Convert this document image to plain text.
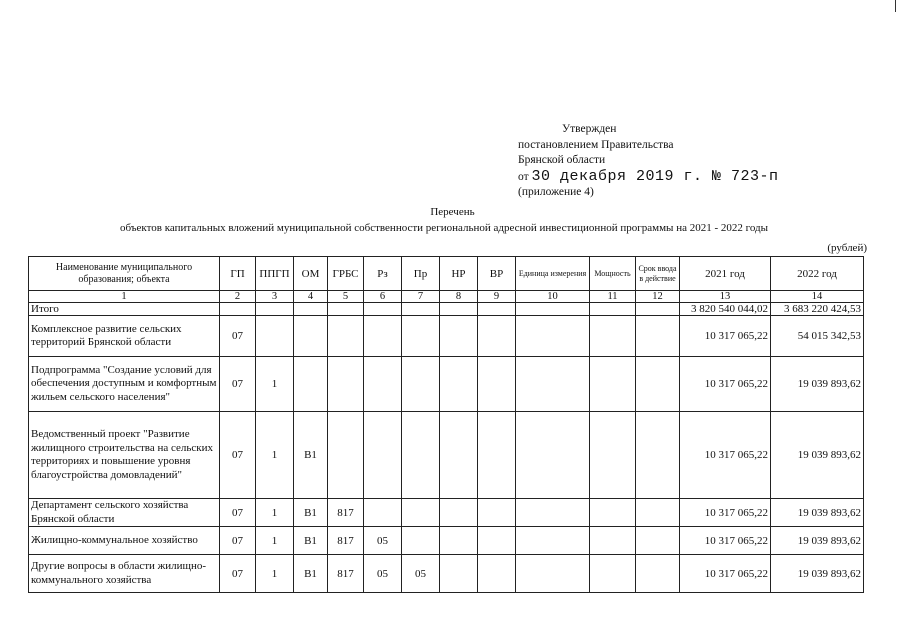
Утвержден
постановлением Правительства
Брянской области
от 30 декабря 2019 г. № 723-п
(приложение 4)
Перечень
объектов капитальных вложений муниципальной собственности региональной адресной инвестиционной программы на 2021 - 2022 годы
(рублей)
Наименование муниципального образования; объекта	ГП	ППГП	ОМ	ГРБС	Рз	Пр	НР	ВР	Единица измерения	Мощность	Срок ввода в действие	2021 год	2022 год
1	2	3	4	5	6	7	8	9	10	11	12	13	14
Итого												3 820 540 044,02	3 683 220 424,53
Комплексное развитие сельских территорий Брянской области	07											10 317 065,22	54 015 342,53
Подпрограмма "Создание условий для обеспечения доступным и комфортным жильем сельского населения"	07	1										10 317 065,22	19 039 893,62
Ведомственный проект "Развитие жилищного строительства на сельских территориях и повышение уровня благоустройства домовладений"	07	1	В1									10 317 065,22	19 039 893,62
Департамент сельского хозяйства Брянской области	07	1	В1	817								10 317 065,22	19 039 893,62
Жилищно-коммунальное хозяйство	07	1	В1	817	05							10 317 065,22	19 039 893,62
Другие вопросы в области жилищно-коммунального хозяйства	07	1	В1	817	05	05						10 317 065,22	19 039 893,62
